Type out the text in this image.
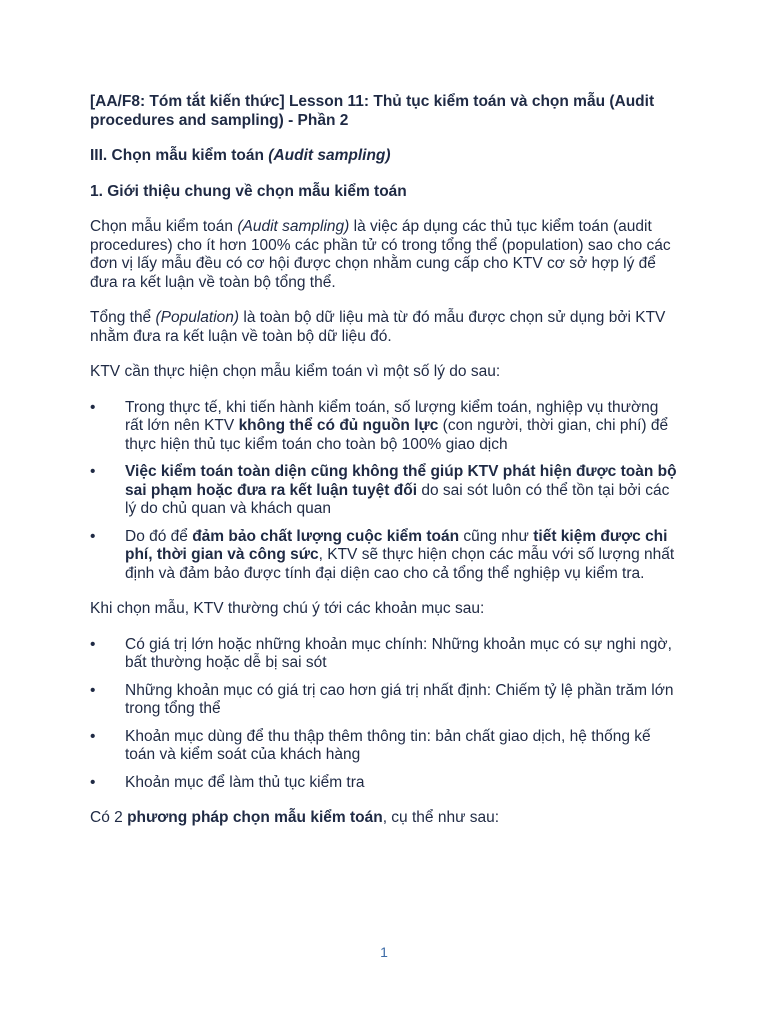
[AA/F8: Tóm tắt kiến thức] Lesson 11: Thủ tục kiểm toán và chọn mẫu (Audit procedures and sampling) - Phần 2

III. Chọn mẫu kiểm toán (Audit sampling)

1. Giới thiệu chung về chọn mẫu kiểm toán

Chọn mẫu kiểm toán (Audit sampling) là việc áp dụng các thủ tục kiểm toán (audit procedures) cho ít hơn 100% các phần tử có trong tổng thể (population) sao cho các đơn vị lấy mẫu đều có cơ hội được chọn nhằm cung cấp cho KTV cơ sở hợp lý để đưa ra kết luận về toàn bộ tổng thể.

Tổng thể (Population) là toàn bộ dữ liệu mà từ đó mẫu được chọn sử dụng bởi KTV nhằm đưa ra kết luận về toàn bộ dữ liệu đó.

KTV cần thực hiện chọn mẫu kiểm toán vì một số lý do sau:

• Trong thực tế, khi tiến hành kiểm toán, số lượng kiểm toán, nghiệp vụ thường rất lớn nên KTV không thể có đủ nguồn lực (con người, thời gian, chi phí) để thực hiện thủ tục kiểm toán cho toàn bộ 100% giao dịch
• Việc kiểm toán toàn diện cũng không thể giúp KTV phát hiện được toàn bộ sai phạm hoặc đưa ra kết luận tuyệt đối do sai sót luôn có thể tồn tại bởi các lý do chủ quan và khách quan
• Do đó để đảm bảo chất lượng cuộc kiểm toán cũng như tiết kiệm được chi phí, thời gian và công sức, KTV sẽ thực hiện chọn các mẫu với số lượng nhất định và đảm bảo được tính đại diện cao cho cả tổng thể nghiệp vụ kiểm tra.

Khi chọn mẫu, KTV thường chú ý tới các khoản mục sau:

• Có giá trị lớn hoặc những khoản mục chính: Những khoản mục có sự nghi ngờ, bất thường hoặc dễ bị sai sót
• Những khoản mục có giá trị cao hơn giá trị nhất định: Chiếm tỷ lệ phần trăm lớn trong tổng thể
• Khoản mục dùng để thu thập thêm thông tin: bản chất giao dịch, hệ thống kế toán và kiểm soát của khách hàng
• Khoản mục để làm thủ tục kiểm tra

Có 2 phương pháp chọn mẫu kiểm toán, cụ thể như sau:

1
